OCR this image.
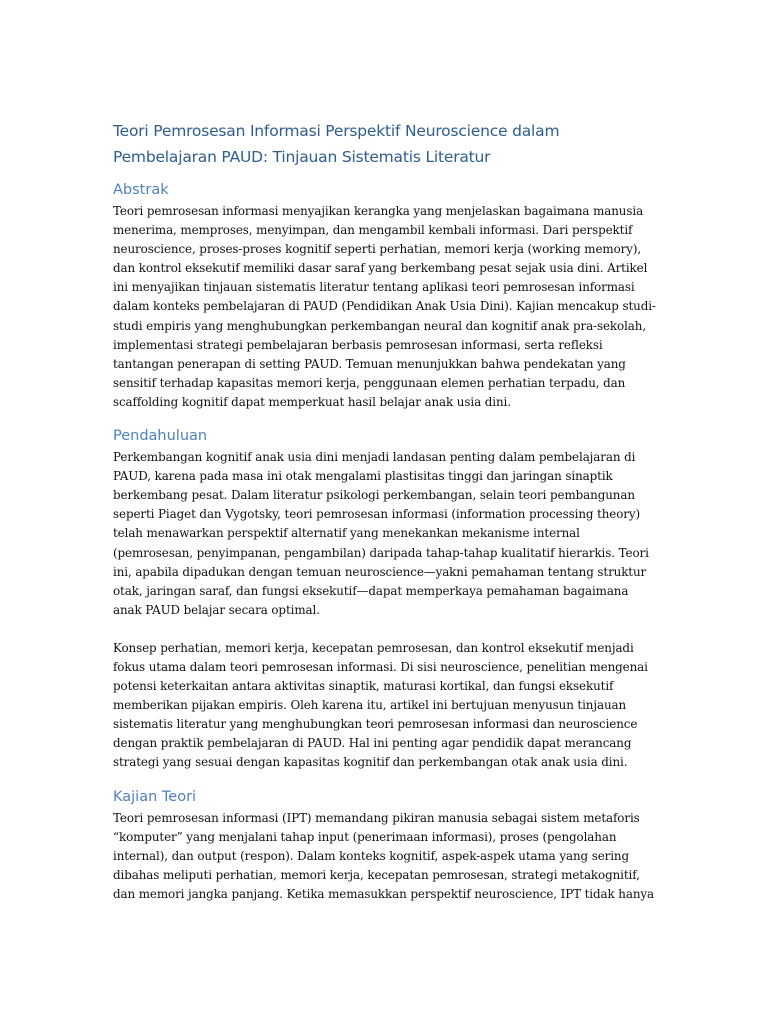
Teori Pemrosesan Informasi Perspektif Neuroscience dalam Pembelajaran PAUD: Tinjauan Sistematis Literatur
Abstrak

Teori pemrosesan informasi menyajikan kerangka yang menjelaskan bagaimana manusia menerima, memproses, menyimpan, dan mengambil kembali informasi. Dari perspektif neuroscience, proses-proses kognitif seperti perhatian, memori kerja (working memory), dan kontrol eksekutif memiliki dasar saraf yang berkembang pesat sejak usia dini. Artikel ini menyajikan tinjauan sistematis literatur tentang aplikasi teori pemrosesan informasi dalam konteks pembelajaran di PAUD (Pendidikan Anak Usia Dini). Kajian mencakup studi-studi empiris yang menghubungkan perkembangan neural dan kognitif anak pra-sekolah, implementasi strategi pembelajaran berbasis pemrosesan informasi, serta refleksi tantangan penerapan di setting PAUD. Temuan menunjukkan bahwa pendekatan yang sensitif terhadap kapasitas memori kerja, penggunaan elemen perhatian terpadu, dan scaffolding kognitif dapat memperkuat hasil belajar anak usia dini.

Pendahuluan

Perkembangan kognitif anak usia dini menjadi landasan penting dalam pembelajaran di PAUD, karena pada masa ini otak mengalami plastisitas tinggi dan jaringan sinaptik berkembang pesat. Dalam literatur psikologi perkembangan, selain teori pembangunan seperti Piaget dan Vygotsky, teori pemrosesan informasi (information processing theory) telah menawarkan perspektif alternatif yang menekankan mekanisme internal (pemrosesan, penyimpanan, pengambilan) daripada tahap-tahap kualitatif hierarkis. Teori ini, apabila dipadukan dengan temuan neuroscience—yakni pemahaman tentang struktur otak, jaringan saraf, dan fungsi eksekutif—dapat memperkaya pemahaman bagaimana anak PAUD belajar secara optimal.

Konsep perhatian, memori kerja, kecepatan pemrosesan, dan kontrol eksekutif menjadi fokus utama dalam teori pemrosesan informasi. Di sisi neuroscience, penelitian mengenai potensi keterkaitan antara aktivitas sinaptik, maturasi kortikal, dan fungsi eksekutif memberikan pijakan empiris. Oleh karena itu, artikel ini bertujuan menyusun tinjauan sistematis literatur yang menghubungkan teori pemrosesan informasi dan neuroscience dengan praktik pembelajaran di PAUD. Hal ini penting agar pendidik dapat merancang strategi yang sesuai dengan kapasitas kognitif dan perkembangan otak anak usia dini.

Kajian Teori

Teori pemrosesan informasi (IPT) memandang pikiran manusia sebagai sistem metaforis “komputer” yang menjalani tahap input (penerimaan informasi), proses (pengolahan internal), dan output (respon). Dalam konteks kognitif, aspek-aspek utama yang sering dibahas meliputi perhatian, memori kerja, kecepatan pemrosesan, strategi metakognitif, dan memori jangka panjang. Ketika memasukkan perspektif neuroscience, IPT tidak hanya
